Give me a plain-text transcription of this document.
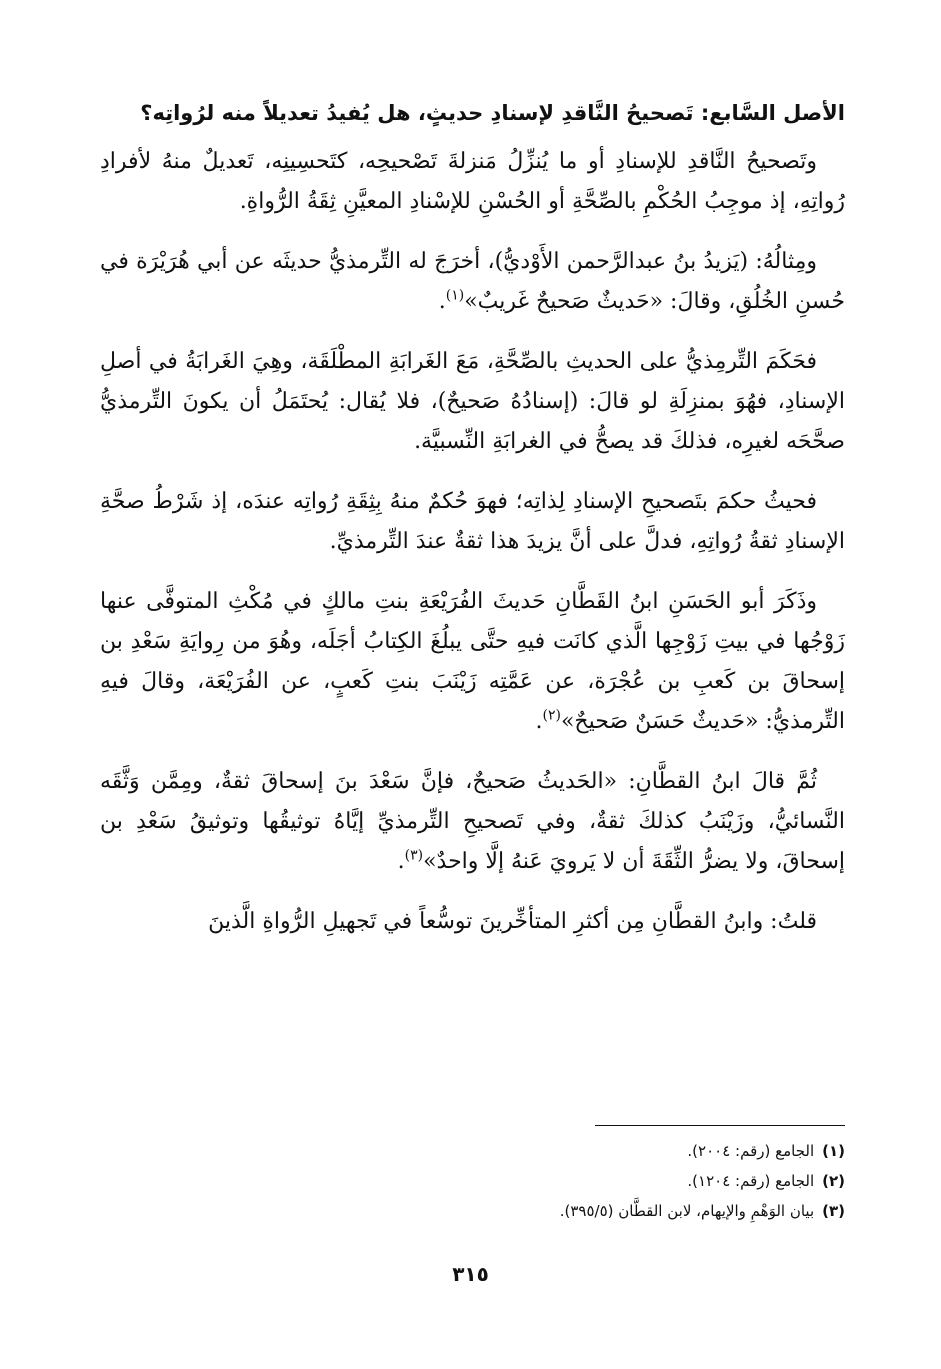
الأصل السَّابع: تَصحيحُ النَّاقدِ لإسنادِ حديثٍ، هل يُفيدُ تعديلاً منه لرُواتِه؟

وتَصحيحُ النَّاقدِ للإسنادِ أو ما يُنزِّلُ مَنزلةَ تَصْحيحِه، كتَحسِينِه، تَعديلٌ منهُ لأفرادِ رُواتِهِ، إذ موجِبُ الحُكْمِ بالصِّحَّةِ أو الحُسْنِ للإسْنادِ المعيَّنِ ثِقَةُ الرُّواةِ.

ومِثالُهُ: (يَزيدُ بنُ عبدالرَّحمن الأَوْديُّ)، أخرَجَ له التِّرمذيُّ حديثَه عن أبي هُرَيْرَة في حُسنِ الخُلُقِ، وقالَ: «حَديثٌ صَحيحٌ غَريبٌ»$^{(١)}$.

فحَكَمَ التِّرمِذيُّ على الحديثِ بالصِّحَّةِ، مَعَ الغَرابَةِ المطْلَقَة، وهِيَ الغَرابَةُ في أصلِ الإسنادِ، فهُوَ بمنزِلَةِ لو قالَ: (إسنادُهُ صَحيحٌ)، فلا يُقال: يُحتَمَلُ أن يكونَ التِّرمذيُّ صحَّحَه لغيرِه، فذلكَ قد يصحُّ في الغرابَةِ النِّسبيَّة.

فحيثُ حكمَ بتَصحيحِ الإسنادِ لِذاتِه؛ فهوَ حُكمٌ منهُ بِثِقَةِ رُواتِه عندَه، إذ شَرْطُ صحَّةِ الإسنادِ ثقةُ رُواتِهِ، فدلَّ على أنَّ يزيدَ هذا ثقةٌ عندَ التِّرمذيِّ.

وذَكَرَ أبو الحَسَنِ ابنُ القَطَّانِ حَديثَ الفُرَيْعَةِ بنتِ مالكٍ في مُكْثِ المتوفَّى عنها زَوْجُها في بيتِ زَوْجِها الَّذي كانَت فيهِ حتَّى يبلُغَ الكِتابُ أجَلَه، وهُوَ من رِوايَةِ سَعْدِ بن إسحاقَ بن كَعبِ بن عُجْرَة، عن عَمَّتِه زَيْنَبَ بنتِ كَعبٍ، عن الفُرَيْعَة، وقالَ فيهِ التِّرمذيُّ: «حَديثٌ حَسَنٌ صَحيحٌ»$^{(٢)}$.

ثُمَّ قالَ ابنُ القطَّانِ: «الحَديثُ صَحيحٌ، فإنَّ سَعْدَ بنَ إسحاقَ ثقةٌ، ومِمَّن وَثَّقَه النَّسائيُّ، وزَيْنَبُ كذلكَ ثقةٌ، وفي تَصحيحِ التِّرمذيِّ إيَّاهُ توثيقُها وتوثيقُ سَعْدِ بن إسحاقَ، ولا يضرُّ الثِّقَةَ أن لا يَرويَ عَنهُ إلَّا واحدٌ»$^{(٣)}$.

قلتُ: وابنُ القطَّانِ مِن أكثرِ المتأخِّرينَ توسُّعاً في تَجهيلِ الرُّواةِ الَّذينَ

(١)الجامع (رقم: ٢٠٠٤).
(٢)الجامع (رقم: ١٢٠٤).
(٣)بيان الوَهْمِ والإيهام، لابن القطَّان (٣٩٥/٥).
٣١٥
